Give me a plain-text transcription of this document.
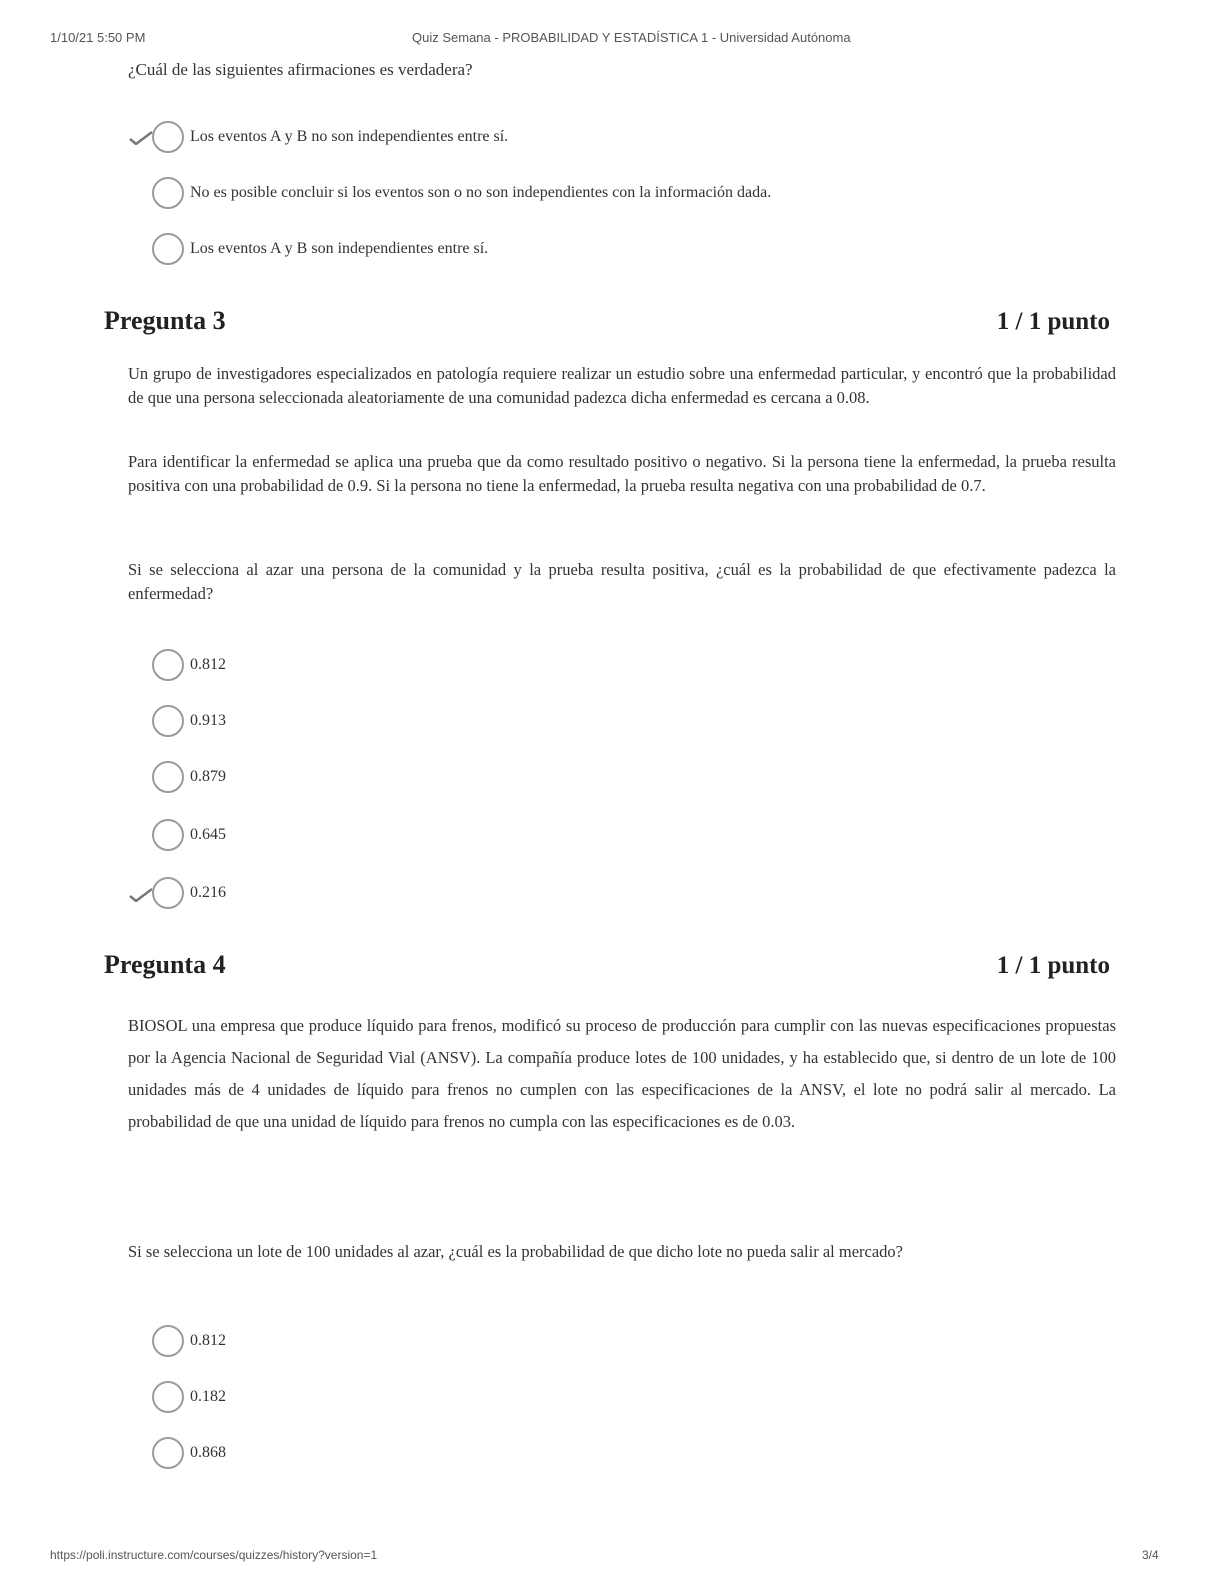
1/10/21 5:50 PM	Quiz Semana - PROBABILIDAD Y ESTADÍSTICA 1 - Universidad Autónoma
¿Cuál de las siguientes afirmaciones es verdadera?
Los eventos A y B no son independientes entre sí.
No es posible concluir si los eventos son o no son independientes con la información dada.
Los eventos A y B son independientes entre sí.
Pregunta 3	1 / 1 punto
Un grupo de investigadores especializados en patología requiere realizar un estudio sobre una enfermedad particular, y encontró que la probabilidad de que una persona seleccionada aleatoriamente de una comunidad padezca dicha enfermedad es cercana a 0.08.
Para identificar la enfermedad se aplica una prueba que da como resultado positivo o negativo. Si la persona tiene la enfermedad, la prueba resulta positiva con una probabilidad de 0.9. Si la persona no tiene la enfermedad, la prueba resulta negativa con una probabilidad de 0.7.
Si se selecciona al azar una persona de la comunidad y la prueba resulta positiva, ¿cuál es la probabilidad de que efectivamente padezca la enfermedad?
0.812
0.913
0.879
0.645
0.216
Pregunta 4	1 / 1 punto
BIOSOL una empresa que produce líquido para frenos, modificó su proceso de producción para cumplir con las nuevas especificaciones propuestas por la Agencia Nacional de Seguridad Vial (ANSV). La compañía produce lotes de 100 unidades, y ha establecido que, si dentro de un lote de 100 unidades más de 4 unidades de líquido para frenos no cumplen con las especificaciones de la ANSV, el lote no podrá salir al mercado. La probabilidad de que una unidad de líquido para frenos no cumpla con las especificaciones es de 0.03.
Si se selecciona un lote de 100 unidades al azar, ¿cuál es la probabilidad de que dicho lote no pueda salir al mercado?
0.812
0.182
0.868
https://poli.instructure.com/courses/quizzes/history?version=1	3/4
